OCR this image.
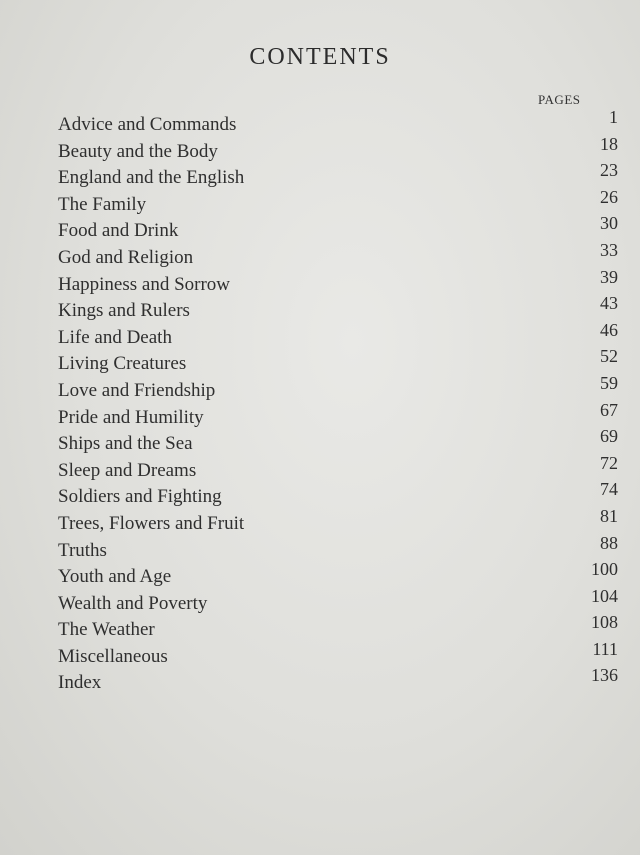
CONTENTS
PAGES
Advice and Commands
Beauty and the Body
England and the English
The Family
Food and Drink
God and Religion
Happiness and Sorrow
Kings and Rulers
Life and Death
Living Creatures
Love and Friendship
Pride and Humility
Ships and the Sea
Sleep and Dreams
Soldiers and Fighting
Trees, Flowers and Fruit
Truths
Youth and Age
Wealth and Poverty
The Weather
Miscellaneous
Index
1
18
23
26
30
33
39
43
46
52
59
67
69
72
74
81
88
100
104
108
111
136
